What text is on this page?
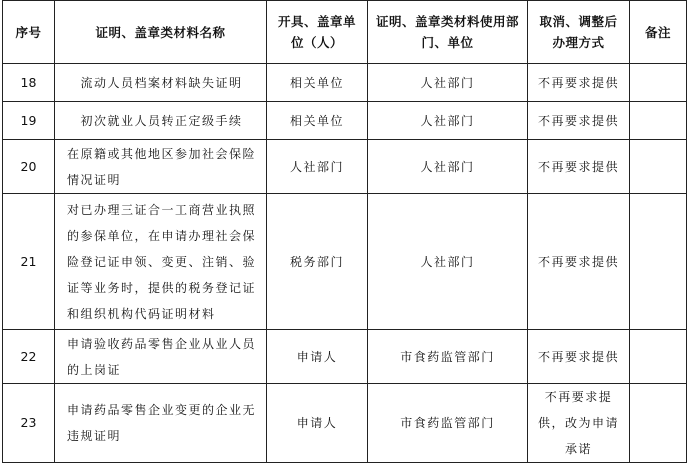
序号	证明、盖章类材料名称	开具、盖章单位（人）	证明、盖章类材料使用部门、单位	取消、调整后办理方式	备注
18	流动人员档案材料缺失证明	相关单位	人社部门	不再要求提供	
19	初次就业人员转正定级手续	相关单位	人社部门	不再要求提供	
20	在原籍或其他地区参加社会保险情况证明	人社部门	人社部门	不再要求提供	
21	对已办理三证合一工商营业执照的参保单位，在申请办理社会保险登记证申领、变更、注销、验证等业务时，提供的税务登记证和组织机构代码证明材料	税务部门	人社部门	不再要求提供	
22	申请验收药品零售企业从业人员的上岗证	申请人	市食药监管部门	不再要求提供	
23	申请药品零售企业变更的企业无违规证明	申请人	市食药监管部门	不再要求提供，改为申请承诺	
